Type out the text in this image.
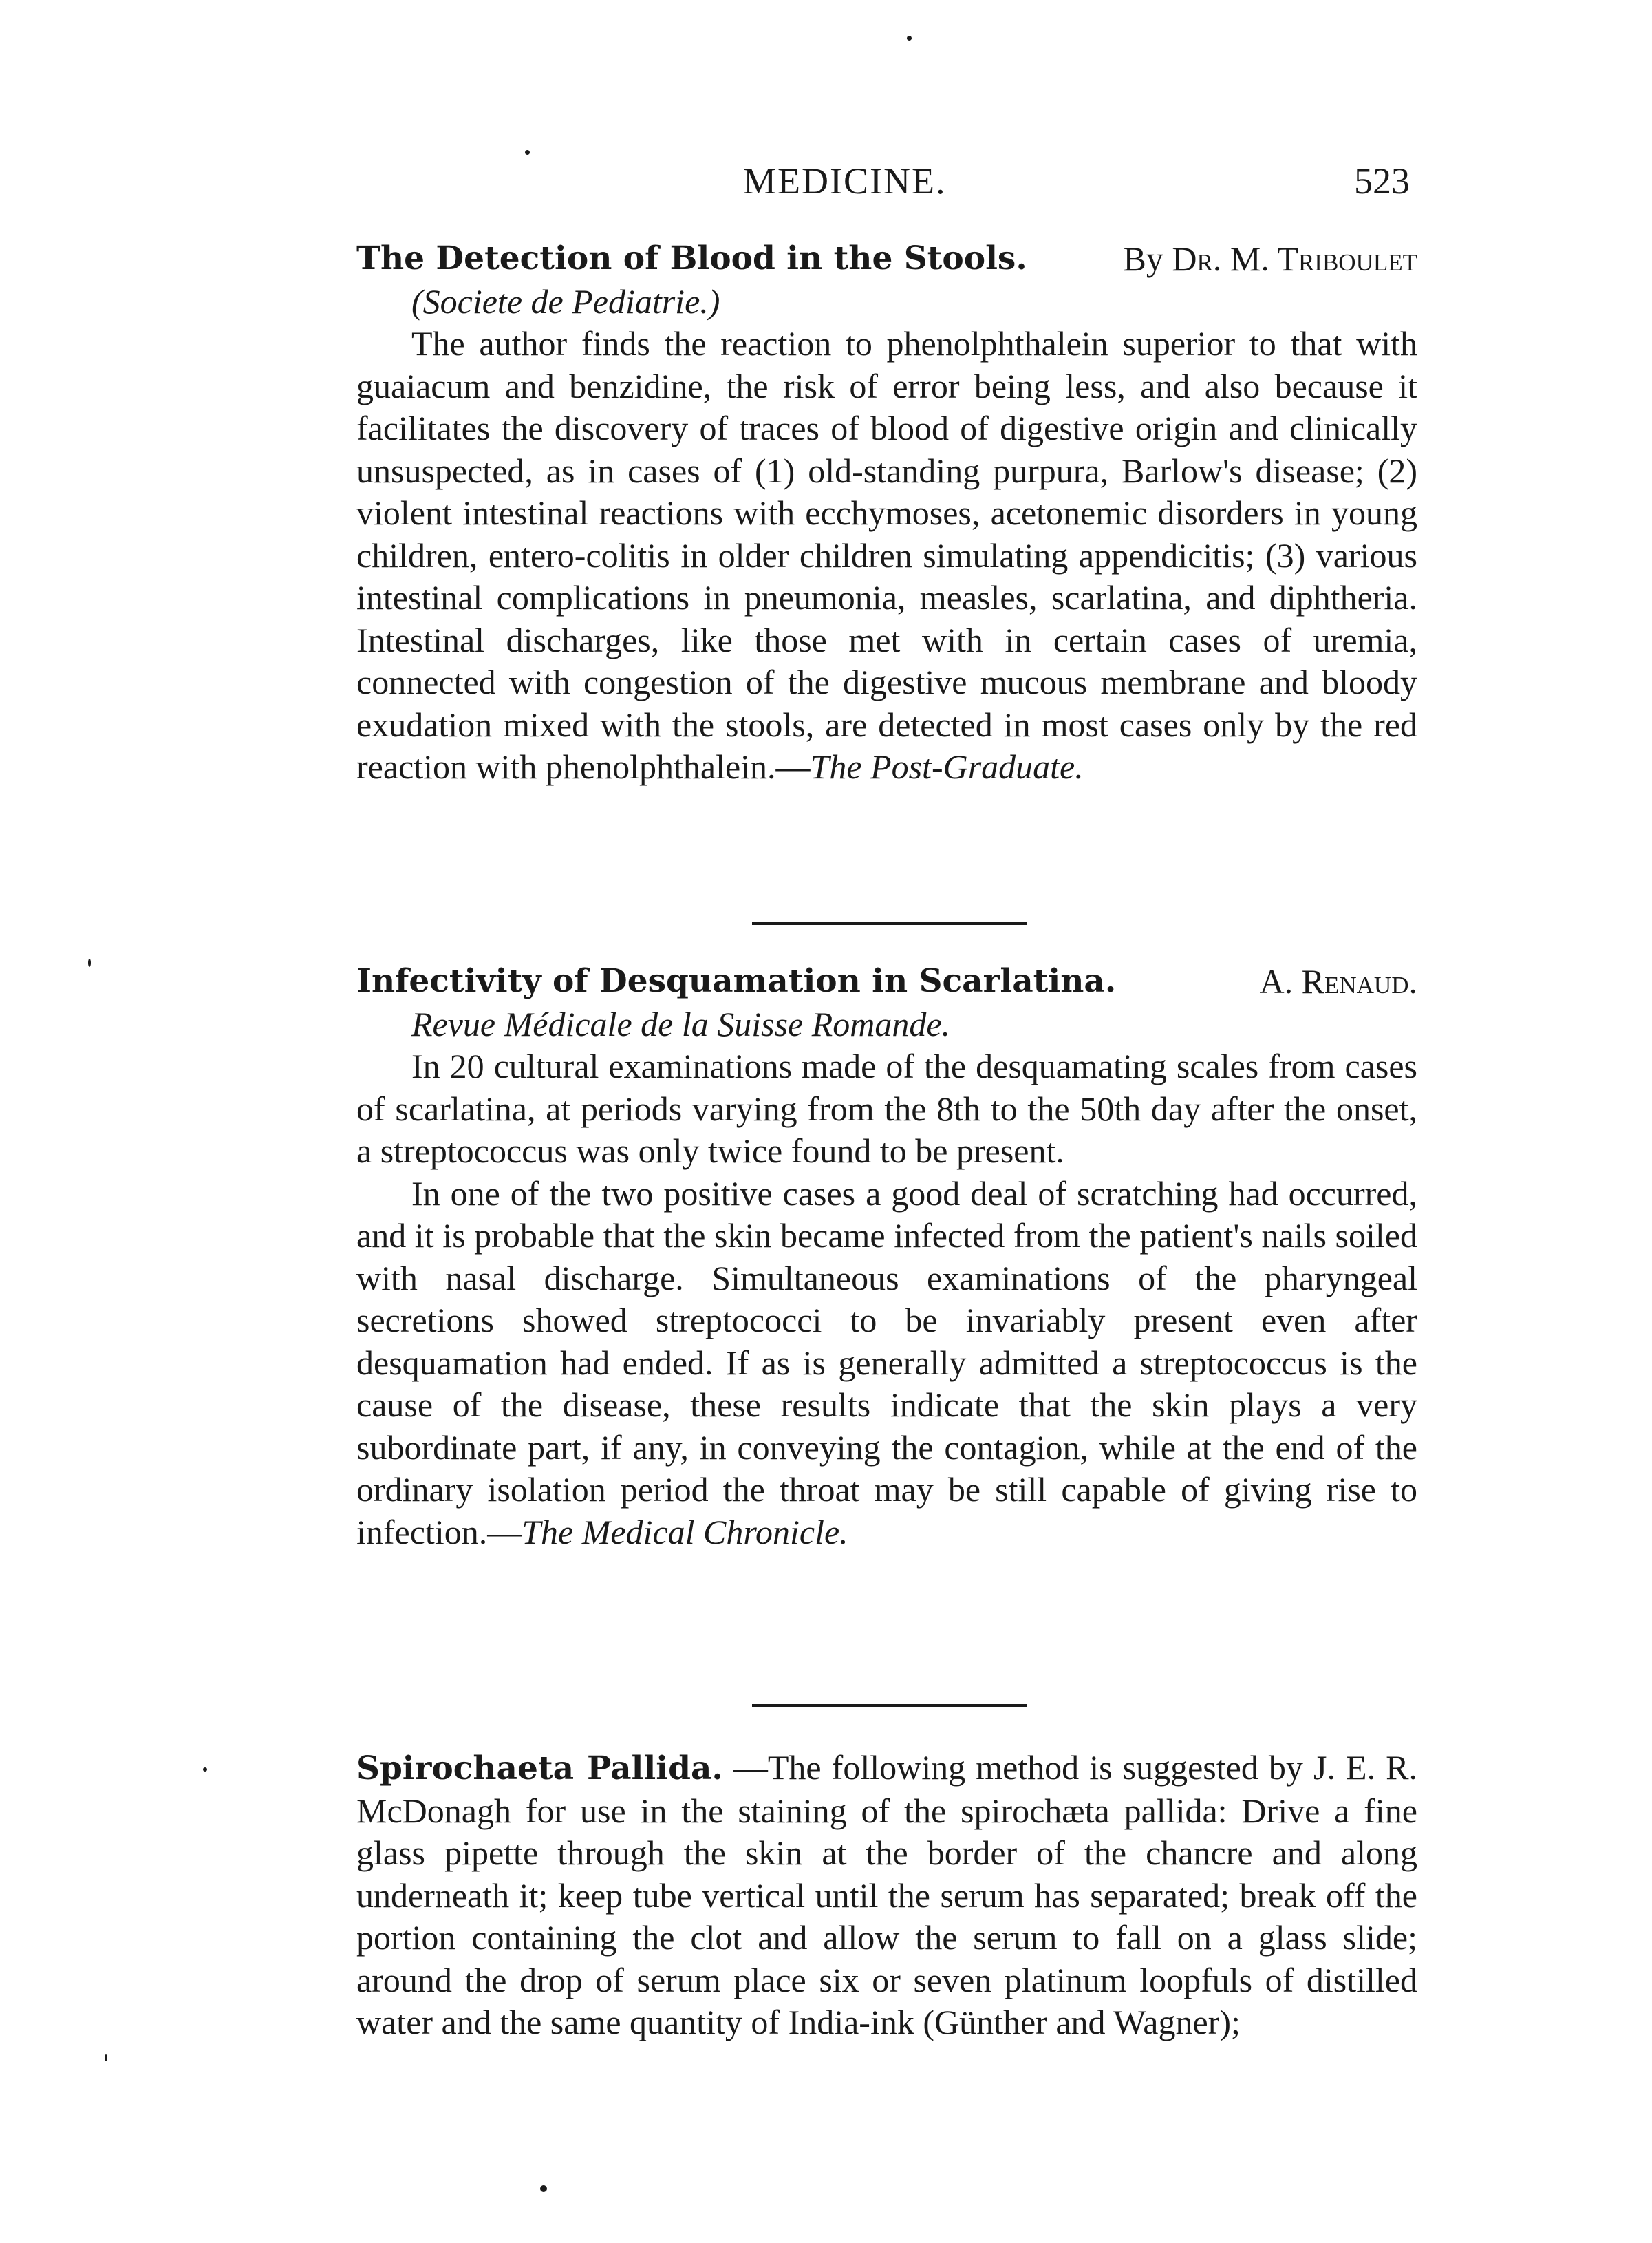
MEDICINE.	523
The Detection of Blood in the Stools.	By Dr. M. Triboulet
(Societe de Pediatrie.)

The author finds the reaction to phenolphthalein superior to that with guaiacum and benzidine, the risk of error being less, and also because it facilitates the discovery of traces of blood of digestive origin and clinically unsuspected, as in cases of (1) old-standing purpura, Barlow's disease; (2) violent intestinal reactions with ecchymoses, acetonemic disorders in young children, entero-colitis in older children simulating appendicitis; (3) various intestinal complications in pneumonia, measles, scarlatina, and diphtheria. Intestinal discharges, like those met with in certain cases of uremia, connected with congestion of the digestive mucous membrane and bloody exudation mixed with the stools, are detected in most cases only by the red reaction with phenolphthalein.—The Post-Graduate.

Infectivity of Desquamation in Scarlatina.	A. Renaud.
Revue Médicale de la Suisse Romande.

In 20 cultural examinations made of the desquamating scales from cases of scarlatina, at periods varying from the 8th to the 50th day after the onset, a streptococcus was only twice found to be present.

In one of the two positive cases a good deal of scratching had occurred, and it is probable that the skin became infected from the patient's nails soiled with nasal discharge. Simultaneous examinations of the pharyngeal secretions showed streptococci to be invariably present even after desquamation had ended. If as is generally admitted a streptococcus is the cause of the disease, these results indicate that the skin plays a very subordinate part, if any, in conveying the contagion, while at the end of the ordinary isolation period the throat may be still capable of giving rise to infection.—The Medical Chronicle.

Spirochaeta Pallida. —The following method is suggested by J. E. R. McDonagh for use in the staining of the spirochæta pallida: Drive a fine glass pipette through the skin at the border of the chancre and along underneath it; keep tube vertical until the serum has separated; break off the portion containing the clot and allow the serum to fall on a glass slide; around the drop of serum place six or seven platinum loopfuls of distilled water and the same quantity of India-ink (Günther and Wagner);
